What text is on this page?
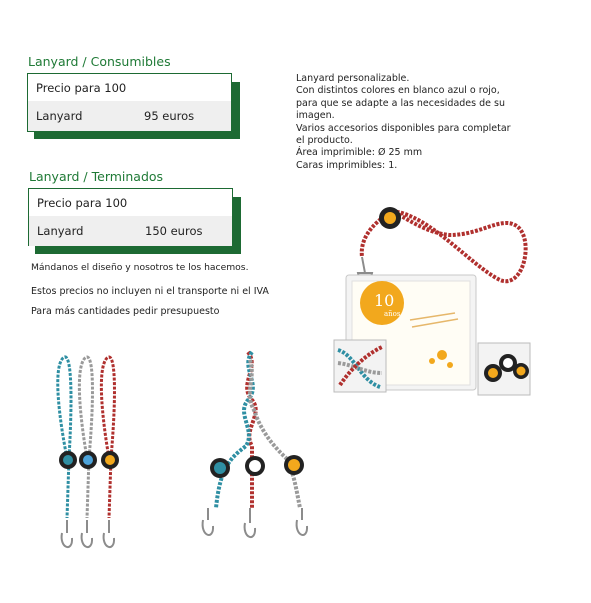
Lanyard / Consumibles
Precio para 100
Lanyard	95 euros
Lanyard / Terminados
Precio para 100
Lanyard	150 euros
Lanyard personalizable.
Con distintos colores en blanco azul o rojo,
para que se adapte a las necesidades de su
imagen.
Varios accesorios disponibles para completar
el producto.
Área imprimible: Ø 25 mm
Caras imprimibles: 1.
Mándanos el diseño y nosotros te los hacemos.
Estos precios no incluyen ni el transporte ni el IVA
Para más cantidades pedir presupuesto
10
años
